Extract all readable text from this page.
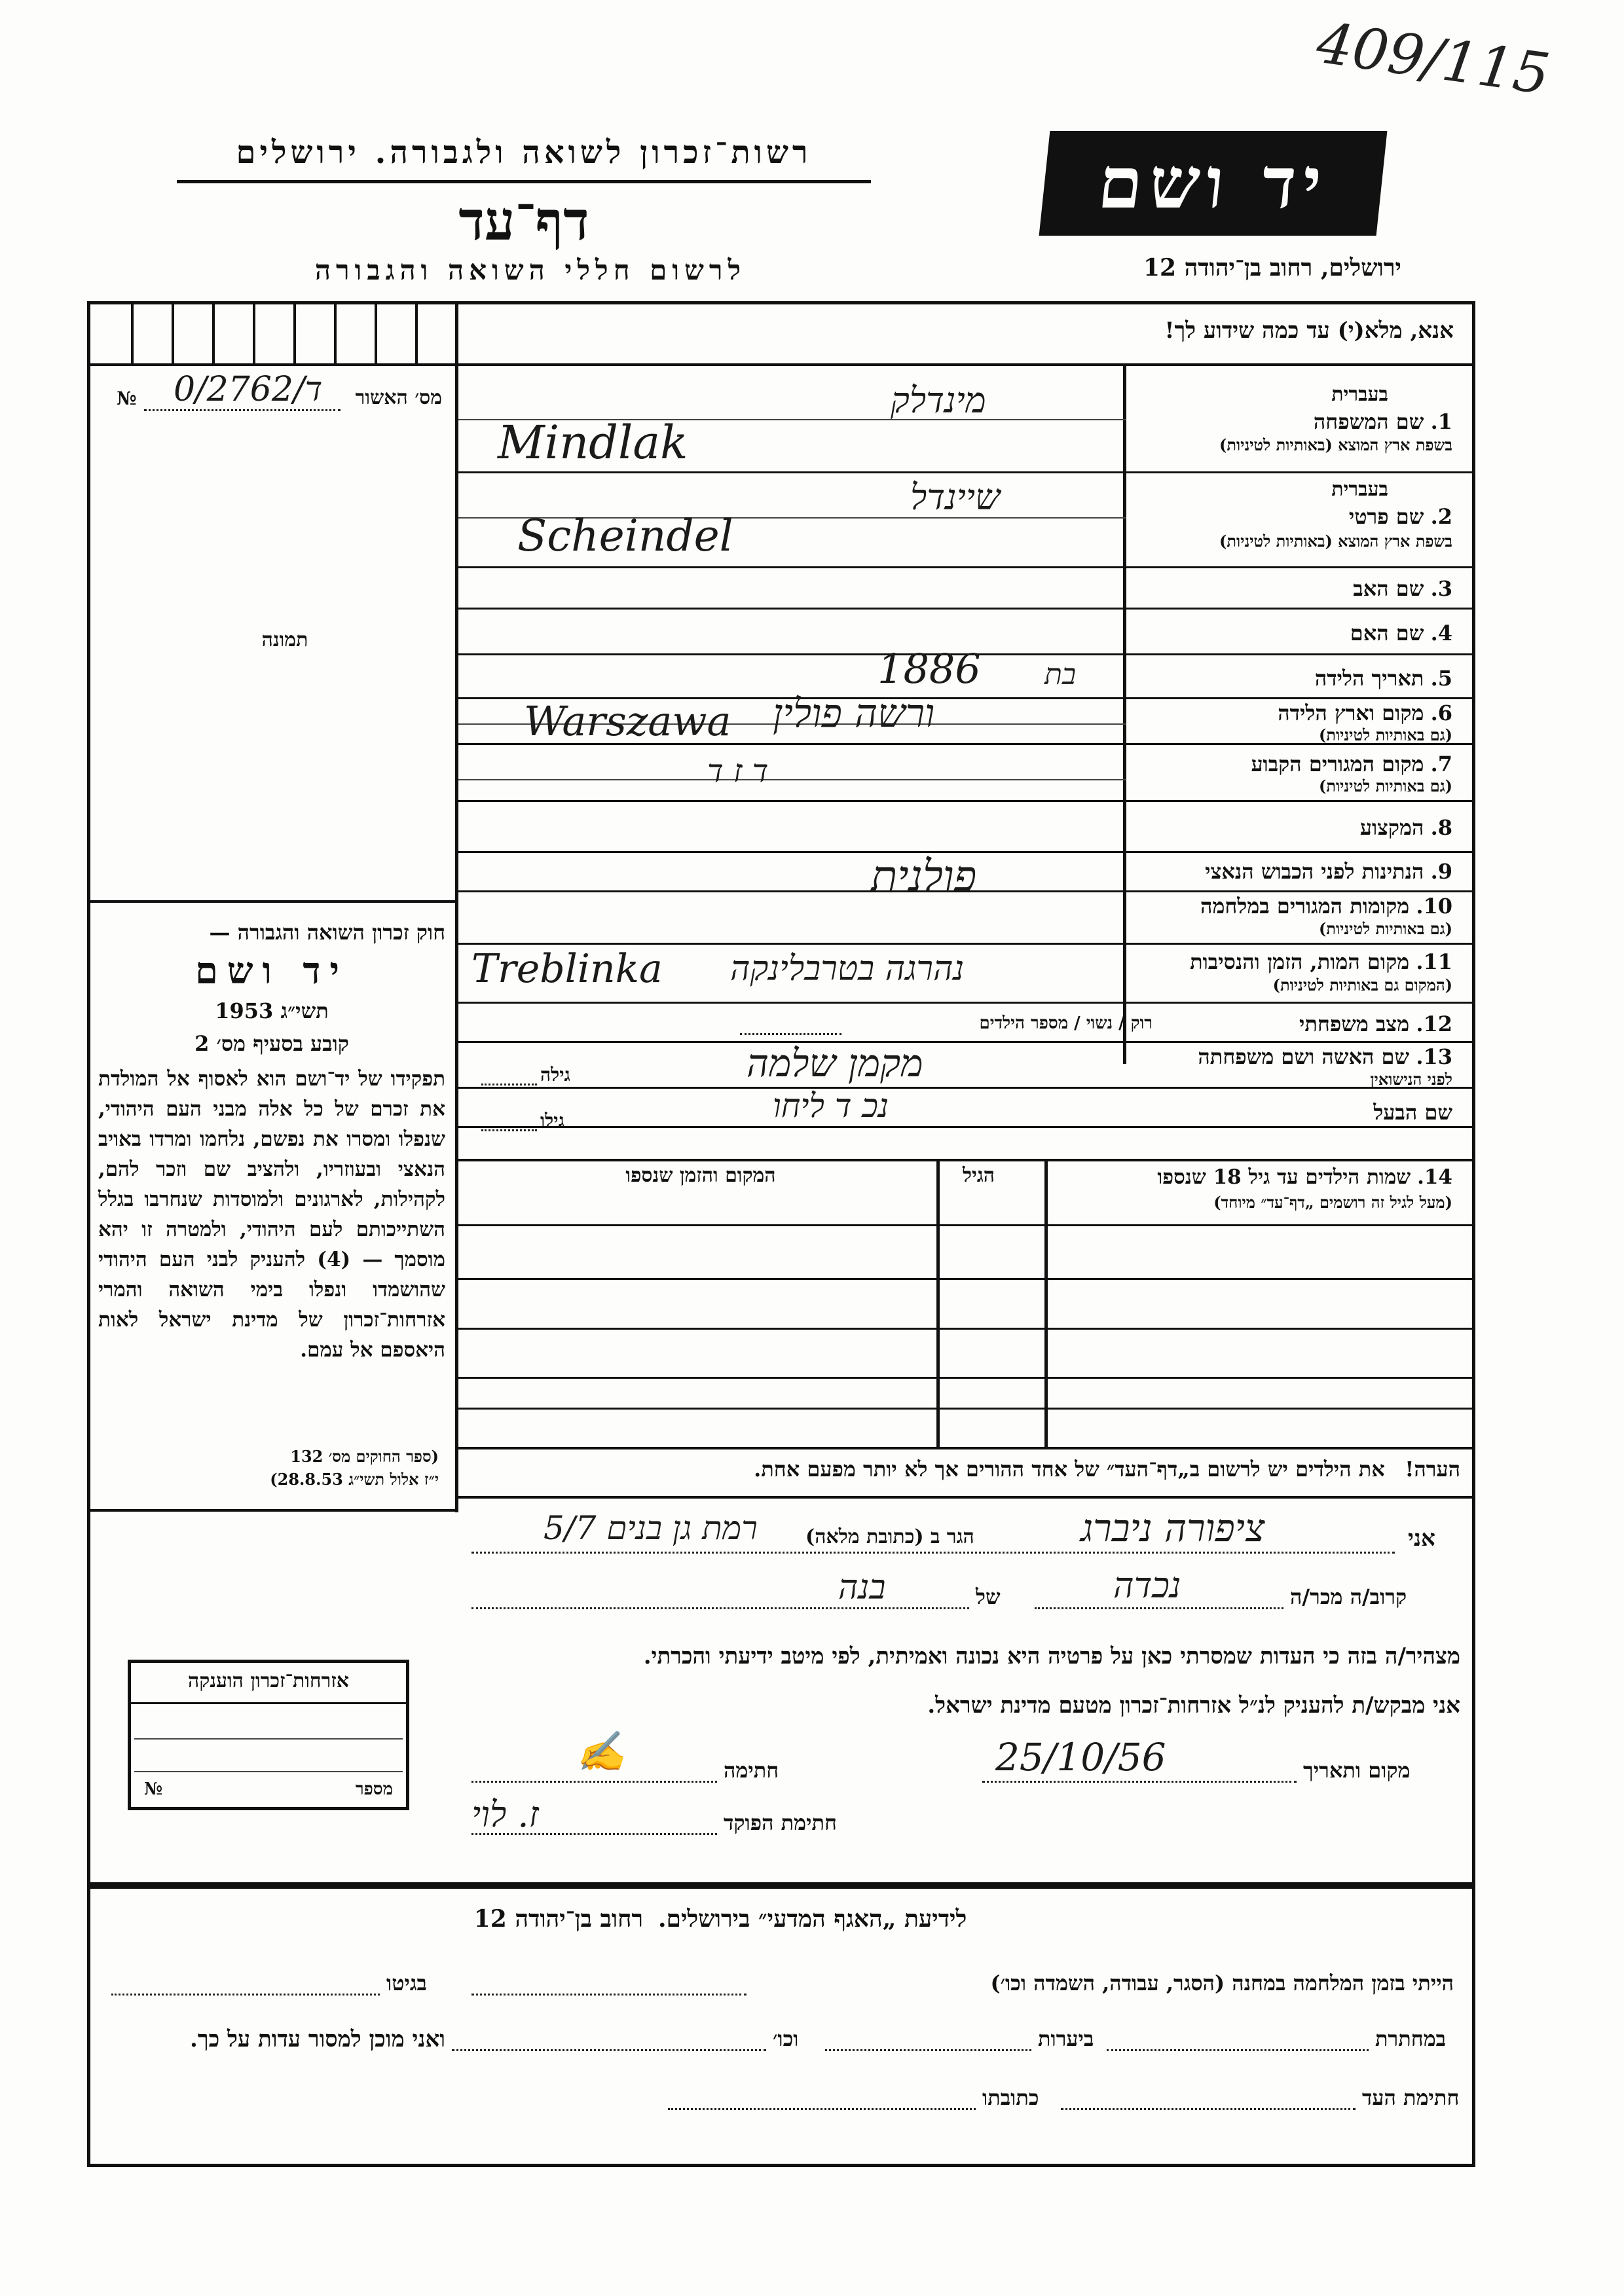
409/115
רשות־זכרון לשואה ולגבורה. ירושלים
דף־עד
לרשום חללי השואה והגבורה
יד ושם
ירושלים, רחוב בן־יהודה 12
אנא, מלא(י) עד כמה שידוע לך!
מס׳ האשור
0/2762/ד
№
תמונה
בעברית
1. שם המשפחה
בשפת ארץ המוצא (באותיות לטיניות)
מינדלק
Mindlak
בעברית
2. שם פרטי
בשפת ארץ המוצא (באותיות לטיניות)
שיינדל
Scheindel
3. שם האב
4. שם האם
5. תאריך הלידה
1886 בת
6. מקום וארץ הלידה
(גם באותיות לטיניות)
Warszawa ורשה פולין
7. מקום המגורים הקבוע
(גם באותיות לטיניות)
ד ז ד
8. המקצוע
9. הנתינות לפני הכבוש הנאצי
פולנית
10. מקומות המגורים במלחמה
(גם באותיות לטיניות)
11. מקום המות, הזמן והנסיבות
(המקום גם באותיות לטיניות)
Treblinka נהרגה בטרבלינקה
רוק / נשוי / מספר הילדים	12. מצב משפחתי
13. שם האשה ושם משפחתה
לפני הנישואין
גילה	מקמן שלמה
שם הבעל
גילו	נכ ד ליחו
14. שמות הילדים עד גיל 18 שנספו
(מעל לגיל זה רושמים „דף־עד״ מיוחד)
הגיל
המקום והזמן שנספו
הערה!   את הילדים יש לרשום ב„דף־העד״ של אחד ההורים אך לא יותר מפעם אחת.
חוק זכרון השואה והגבורה —
יד ושם
תשי״ג 1953
קובע בסעיף מס׳ 2
תפקידו של יד־ושם הוא לאסוף אל המולדת את זכרם של כל אלה מבני העם היהודי, שנפלו ומסרו את נפשם, נלחמו ומרדו באויב הנאצי ובעוזריו, ולהציב שם וזכר להם, לקהילות, לארגונים ולמוסדות שנחרבו בגלל השתייכותם לעם היהודי, ולמטרה זו יהא מוסמך — (4) להעניק לבני העם היהודי שהושמדו ונפלו בימי השואה והמרי אזרחות־זכרון של מדינת ישראל לאות היאספם אל עמם.
(ספר החוקים מס׳ 132
י״ז אלול תשי״ג 28.8.53)
אני
ציפורה ניברג
הגר ב (כתובת מלאה)
רמת גן בנים 5/7
קרוב/ה מכר/ה
נכדה
של
בנה
מצהיר/ה בזה כי העדות שמסרתי כאן על פרטיה היא נכונה ואמיתית, לפי מיטב ידיעתי והכרתי.
אני מבקש/ת להעניק לנ״ל אזרחות־זכרון מטעם מדינת ישראל.
מקום ותאריך
25/10/56
חתימה
✍
חתימת הפוקד
ז. לוי
אזרחות־זכרון הוענקה
№	מספר
לידיעת „האגף המדעי״ בירושלים.  רחוב בן־יהודה 12
הייתי בזמן המלחמה במחנה (הסגר, עבודה, השמדה וכו׳)
בגיטו
במחתרת
ביערות
וכו׳
ואני מוכן למסור עדות על כך.
חתימת העד
כתובתו
